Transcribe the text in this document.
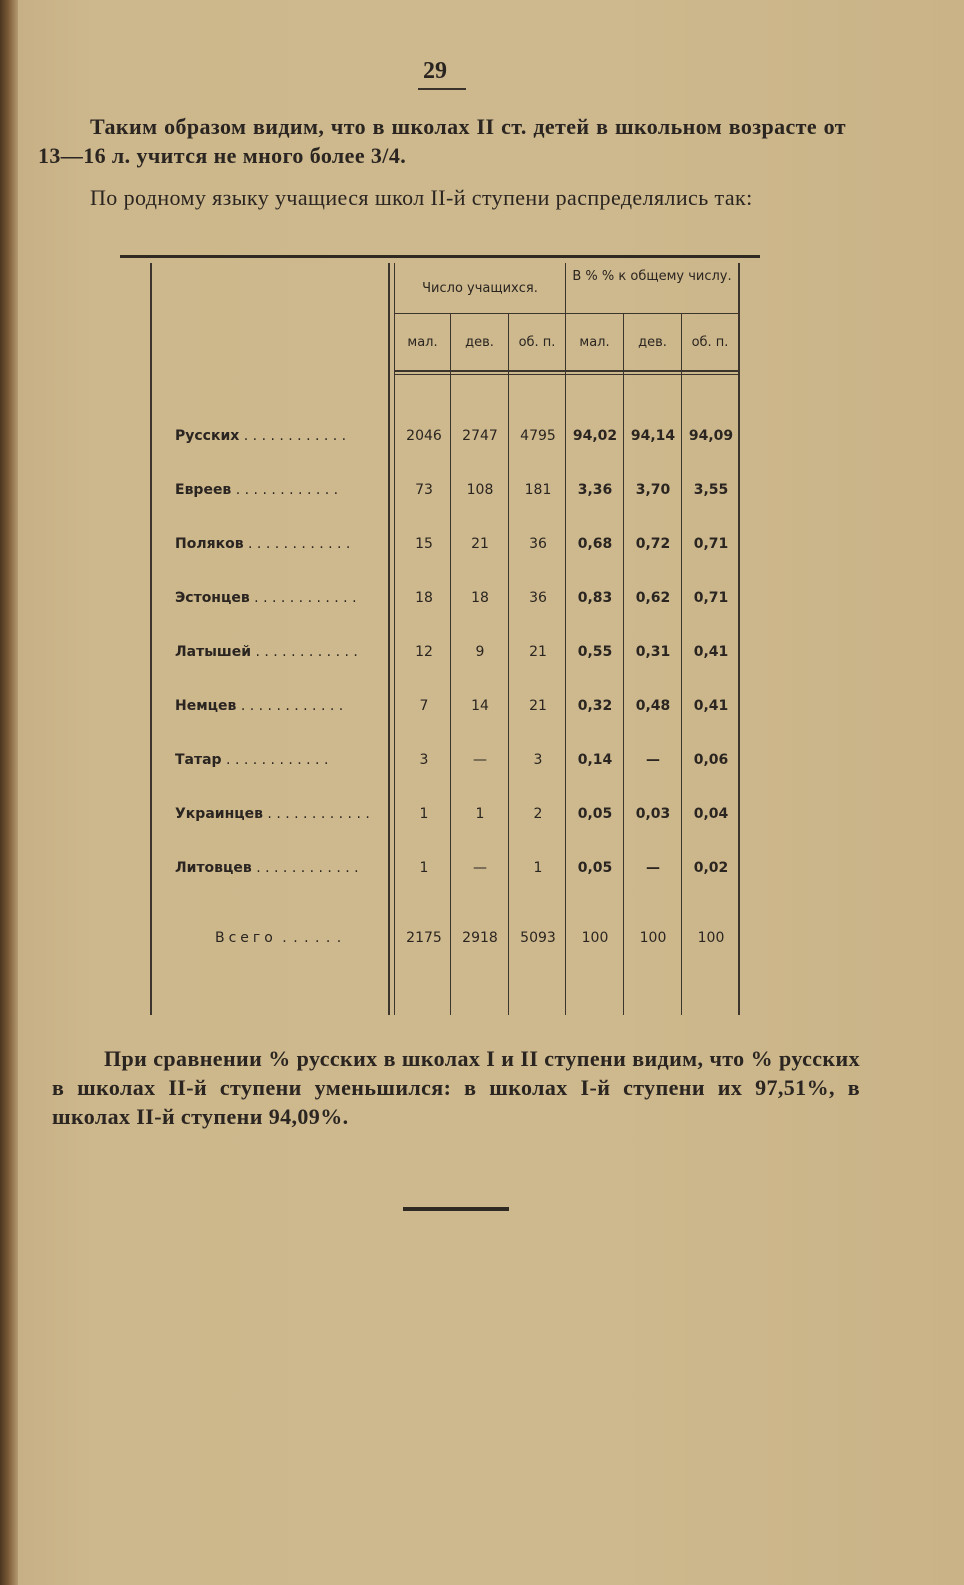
29
Таким образом видим, что в школах II ст. детей в школьном возрасте от 13—16 л. учится не много более 3/4.
По родному языку учащиеся школ II-й ступени распределялись так:
Число учащихся.
В % % к общему числу.
мал.	дев.	об. п.	мал.	дев.	об. п.
Русских . . . . . . . . . . . .	2046	2747	4795	94,02 94,14 94,09
Евреев . . . . . . . . . . . .	73	108	181	3,36	3,70	3,55
Поляков . . . . . . . . . . . .	15	21	36	0,68	0,72	0,71
Эстонцев . . . . . . . . . . . .	18	18	36	0,83	0,62	0,71
Латышей . . . . . . . . . . . .	12	9	21	0,55	0,31	0,41
Немцев . . . . . . . . . . . .	7	14	21	0,32	0,48	0,41
Татар . . . . . . . . . . . .	3	—	3	0,14	—	0,06
Украинцев . . . . . . . . . . . .	1	1	2	0,05	0,03	0,04
Литовцев . . . . . . . . . . . .	1	—	1	0,05	—	0,02
Всего . . . . . .	2175	2918	5093	100	100	100
При сравнении % русских в школах I и II ступени видим, что % русских в школах II-й ступени уменьшился: в школах I-й ступени их 97,51%, в школах II-й ступени 94,09%.
